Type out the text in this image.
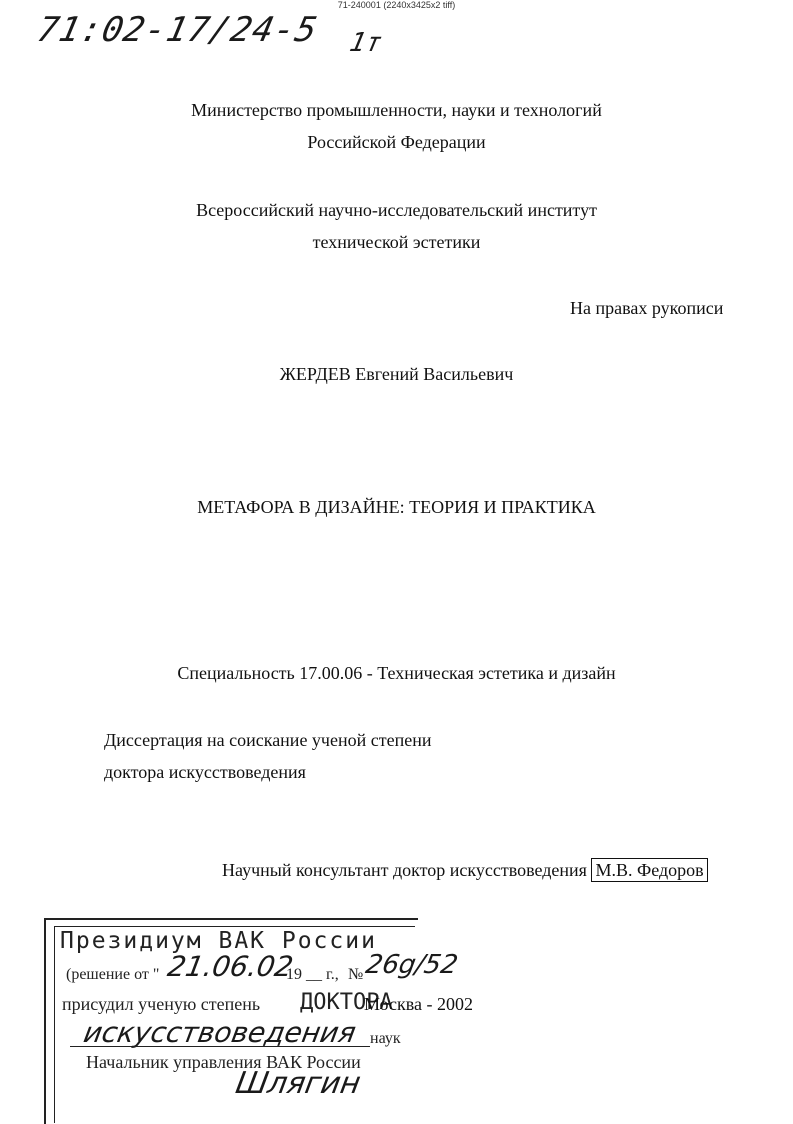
71-240001 (2240x3425x2 tiff)
71:02-17/24-5 1т

Министерство промышленности, науки и технологий

Российской Федерации

Всероссийский научно-исследовательский институт

технической эстетики

На правах рукописи

ЖЕРДЕВ Евгений Васильевич

МЕТАФОРА В ДИЗАЙНЕ: ТЕОРИЯ И ПРАКТИКА

Специальность 17.00.06 - Техническая эстетика и дизайн

Диссертация на соискание ученой степени

доктора искусствоведения

Научный консультант доктор искусствоведения М.В. Федоров

Президиум ВАК России
(решение от " 21.06.02
19 __ г., № 26g/52
присудил ученую степень ДОКТОРА

Москва - 2002

искусствоведения наук
Начальник управления ВАК России
Шлягин
